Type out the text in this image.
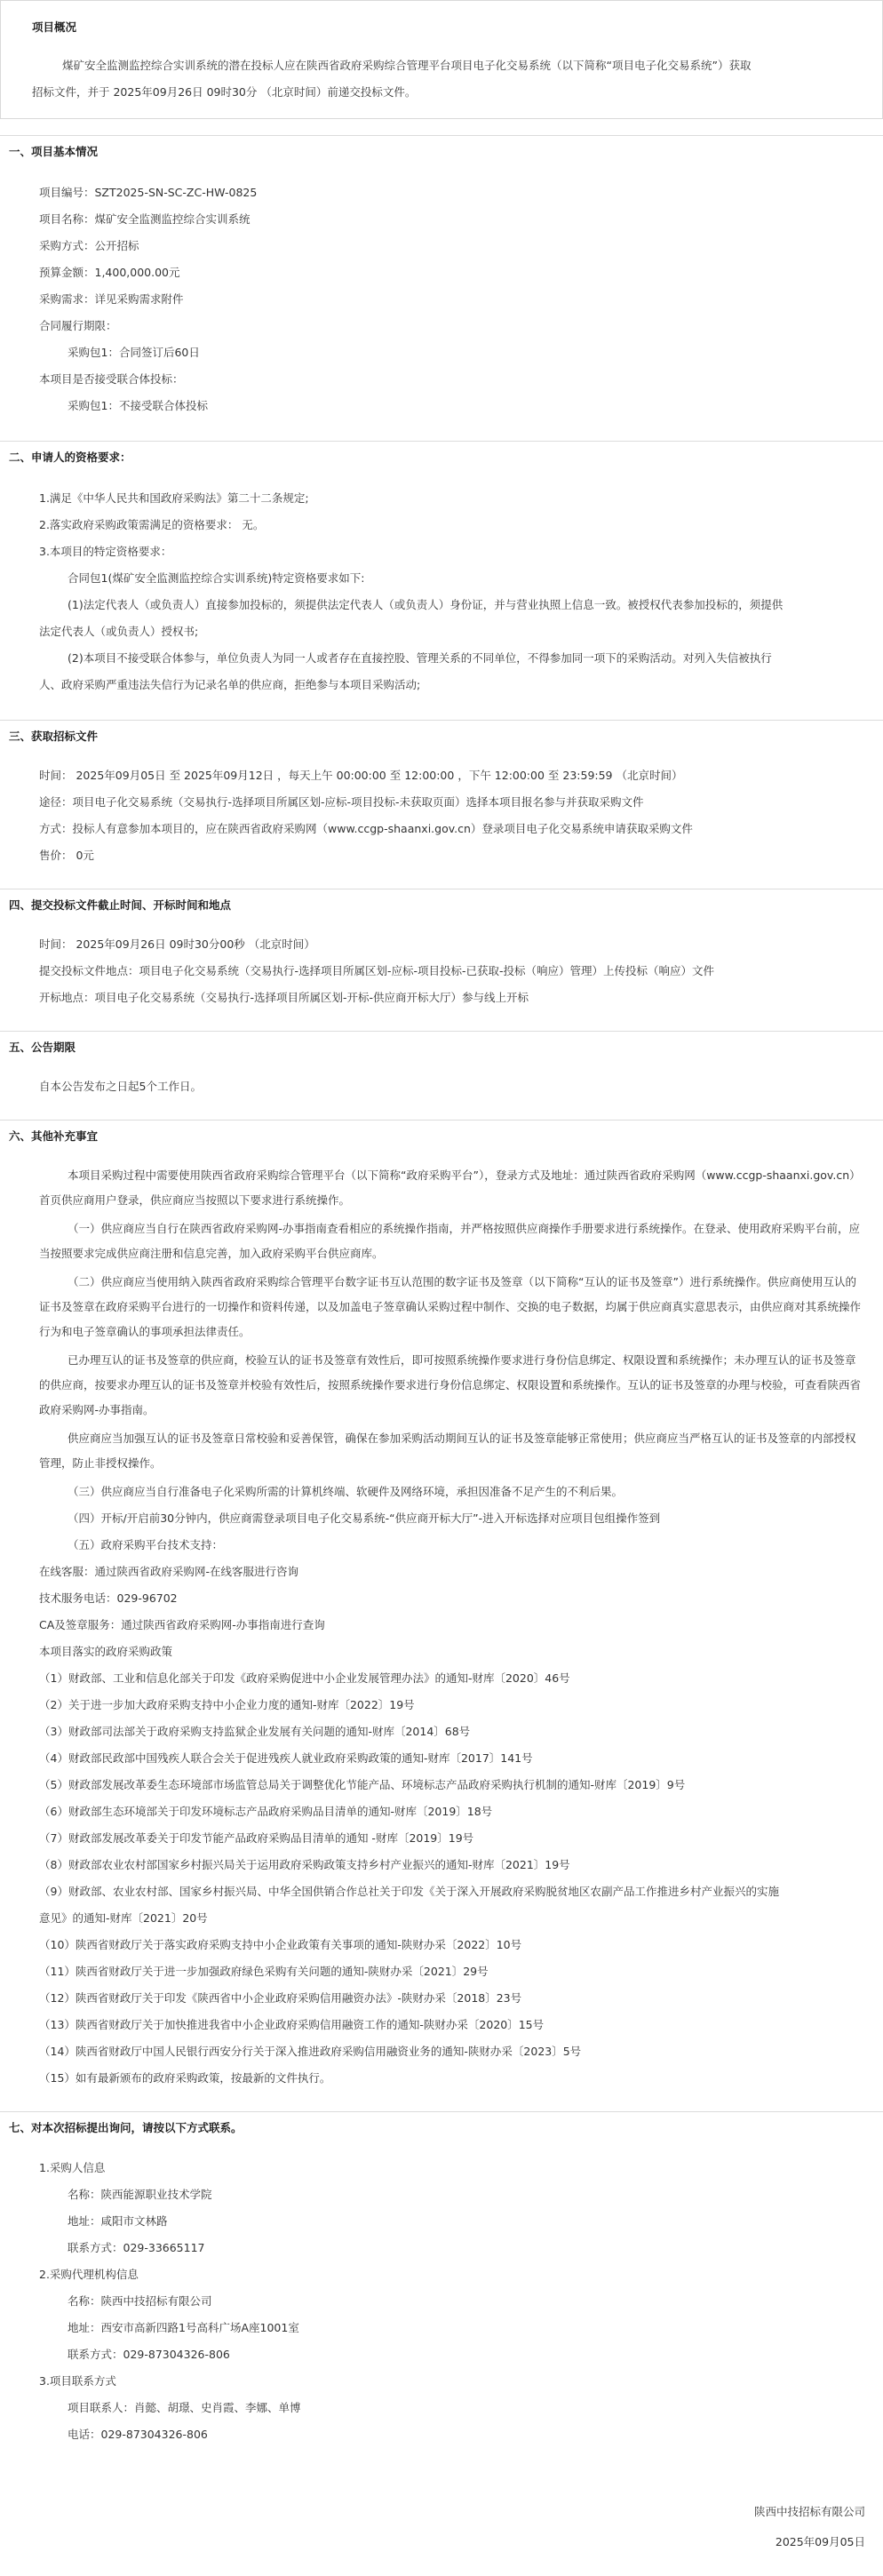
项目概况
煤矿安全监测监控综合实训系统的潜在投标人应在陕西省政府采购综合管理平台项目电子化交易系统（以下简称“项目电子化交易系统”）获取
招标文件，并于 2025年09月26日 09时30分 （北京时间）前递交投标文件。
一、项目基本情况
项目编号：SZT2025-SN-SC-ZC-HW-0825
项目名称：煤矿安全监测监控综合实训系统
采购方式：公开招标
预算金额：1,400,000.00元
采购需求：详见采购需求附件
合同履行期限：
采购包1：合同签订后60日
本项目是否接受联合体投标：
采购包1：不接受联合体投标
二、申请人的资格要求：
1.满足《中华人民共和国政府采购法》第二十二条规定;
2.落实政府采购政策需满足的资格要求： 无。
3.本项目的特定资格要求：
合同包1(煤矿安全监测监控综合实训系统)特定资格要求如下:
(1)法定代表人（或负责人）直接参加投标的，须提供法定代表人（或负责人）身份证，并与营业执照上信息一致。被授权代表参加投标的，须提供
法定代表人（或负责人）授权书;
(2)本项目不接受联合体参与，单位负责人为同一人或者存在直接控股、管理关系的不同单位，不得参加同一项下的采购活动。对列入失信被执行
人、政府采购严重违法失信行为记录名单的供应商，拒绝参与本项目采购活动;
三、获取招标文件
时间： 2025年09月05日 至 2025年09月12日 ，每天上午 00:00:00 至 12:00:00 ，下午 12:00:00 至 23:59:59 （北京时间）
途径：项目电子化交易系统（交易执行-选择项目所属区划-应标-项目投标-未获取页面）选择本项目报名参与并获取采购文件
方式：投标人有意参加本项目的，应在陕西省政府采购网（www.ccgp-shaanxi.gov.cn）登录项目电子化交易系统申请获取采购文件
售价： 0元
四、提交投标文件截止时间、开标时间和地点
时间： 2025年09月26日 09时30分00秒 （北京时间）
提交投标文件地点：项目电子化交易系统（交易执行-选择项目所属区划-应标-项目投标-已获取-投标（响应）管理）上传投标（响应）文件
开标地点：项目电子化交易系统（交易执行-选择项目所属区划-开标-供应商开标大厅）参与线上开标
五、公告期限
自本公告发布之日起5个工作日。
六、其他补充事宜
本项目采购过程中需要使用陕西省政府采购综合管理平台（以下简称“政府采购平台”），登录方式及地址：通过陕西省政府采购网（www.ccgp-shaanxi.gov.cn）首页供应商用户登录，供应商应当按照以下要求进行系统操作。
（一）供应商应当自行在陕西省政府采购网-办事指南查看相应的系统操作指南，并严格按照供应商操作手册要求进行系统操作。在登录、使用政府采购平台前，应当按照要求完成供应商注册和信息完善，加入政府采购平台供应商库。
（二）供应商应当使用纳入陕西省政府采购综合管理平台数字证书互认范围的数字证书及签章（以下简称“互认的证书及签章”）进行系统操作。供应商使用互认的证书及签章在政府采购平台进行的一切操作和资料传递，以及加盖电子签章确认采购过程中制作、交换的电子数据，均属于供应商真实意思表示，由供应商对其系统操作行为和电子签章确认的事项承担法律责任。
已办理互认的证书及签章的供应商，校验互认的证书及签章有效性后，即可按照系统操作要求进行身份信息绑定、权限设置和系统操作；未办理互认的证书及签章的供应商，按要求办理互认的证书及签章并校验有效性后，按照系统操作要求进行身份信息绑定、权限设置和系统操作。互认的证书及签章的办理与校验，可查看陕西省政府采购网-办事指南。
供应商应当加强互认的证书及签章日常校验和妥善保管，确保在参加采购活动期间互认的证书及签章能够正常使用；供应商应当严格互认的证书及签章的内部授权管理，防止非授权操作。
（三）供应商应当自行准备电子化采购所需的计算机终端、软硬件及网络环境，承担因准备不足产生的不利后果。
（四）开标/开启前30分钟内，供应商需登录项目电子化交易系统-“供应商开标大厅”-进入开标选择对应项目包组操作签到
（五）政府采购平台技术支持：
在线客服：通过陕西省政府采购网-在线客服进行咨询
技术服务电话：029-96702
CA及签章服务：通过陕西省政府采购网-办事指南进行查询
本项目落实的政府采购政策
（1）财政部、工业和信息化部关于印发《政府采购促进中小企业发展管理办法》的通知-财库〔2020〕46号
（2）关于进一步加大政府采购支持中小企业力度的通知-财库〔2022〕19号
（3）财政部司法部关于政府采购支持监狱企业发展有关问题的通知-财库〔2014〕68号
（4）财政部民政部中国残疾人联合会关于促进残疾人就业政府采购政策的通知-财库〔2017〕141号
（5）财政部发展改革委生态环境部市场监管总局关于调整优化节能产品、环境标志产品政府采购执行机制的通知-财库〔2019〕9号
（6）财政部生态环境部关于印发环境标志产品政府采购品目清单的通知-财库〔2019〕18号
（7）财政部发展改革委关于印发节能产品政府采购品目清单的通知 -财库〔2019〕19号
（8）财政部农业农村部国家乡村振兴局关于运用政府采购政策支持乡村产业振兴的通知-财库〔2021〕19号
（9）财政部、农业农村部、国家乡村振兴局、中华全国供销合作总社关于印发《关于深入开展政府采购脱贫地区农副产品工作推进乡村产业振兴的实施
意见》的通知-财库〔2021〕20号
（10）陕西省财政厅关于落实政府采购支持中小企业政策有关事项的通知-陕财办采〔2022〕10号
（11）陕西省财政厅关于进一步加强政府绿色采购有关问题的通知-陕财办采〔2021〕29号
（12）陕西省财政厅关于印发《陕西省中小企业政府采购信用融资办法》-陕财办采〔2018〕23号
（13）陕西省财政厅关于加快推进我省中小企业政府采购信用融资工作的通知-陕财办采〔2020〕15号
（14）陕西省财政厅中国人民银行西安分行关于深入推进政府采购信用融资业务的通知-陕财办采〔2023〕5号
（15）如有最新颁布的政府采购政策，按最新的文件执行。
七、对本次招标提出询问，请按以下方式联系。
1.采购人信息
名称：陕西能源职业技术学院
地址：咸阳市文林路
联系方式：029-33665117
2.采购代理机构信息
名称：陕西中技招标有限公司
地址：西安市高新四路1号高科广场A座1001室
联系方式：029-87304326-806
3.项目联系方式
项目联系人：肖懿、胡璟、史肖霞、李娜、单博
电话：029-87304326-806
陕西中技招标有限公司
2025年09月05日
